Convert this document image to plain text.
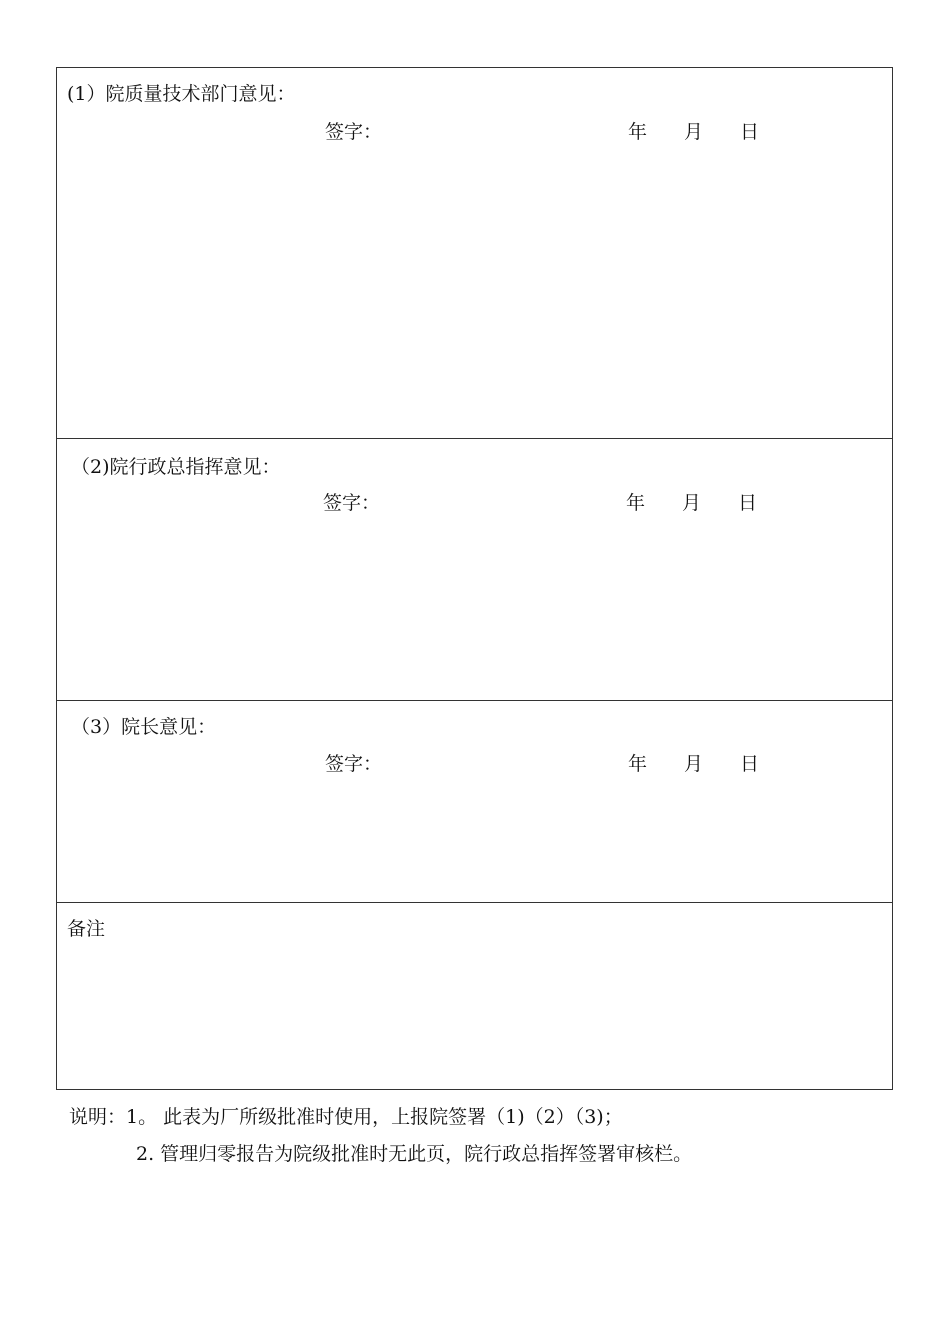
(1）院质量技术部门意见：
签字：	年 月 日
（2)院行政总指挥意见：
签字：	年 月 日
（3）院长意见：
签字：	年 月 日
备注
说明：1。 此表为厂所级批准时使用，上报院签署（1)（2）（3)；
2. 管理归零报告为院级批准时无此页，院行政总指挥签署审核栏。
